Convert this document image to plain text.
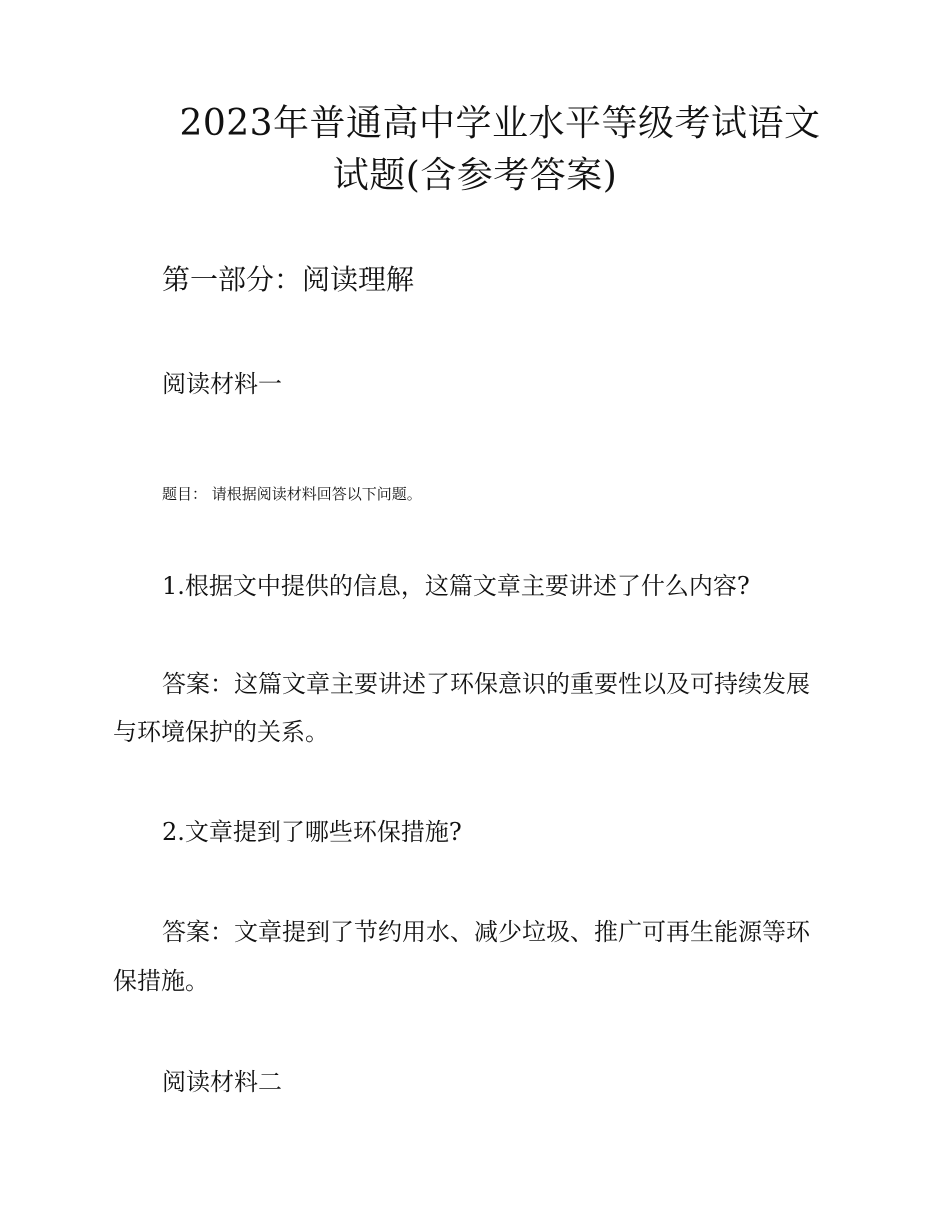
2023年普通高中学业水平等级考试语文
试题(含参考答案)
第一部分：阅读理解
阅读材料一
题目： 请根据阅读材料回答以下问题。
1.根据文中提供的信息，这篇文章主要讲述了什么内容?
答案：这篇文章主要讲述了环保意识的重要性以及可持续发展
与环境保护的关系。
2.文章提到了哪些环保措施?
答案：文章提到了节约用水、减少垃圾、推广可再生能源等环
保措施。
阅读材料二
